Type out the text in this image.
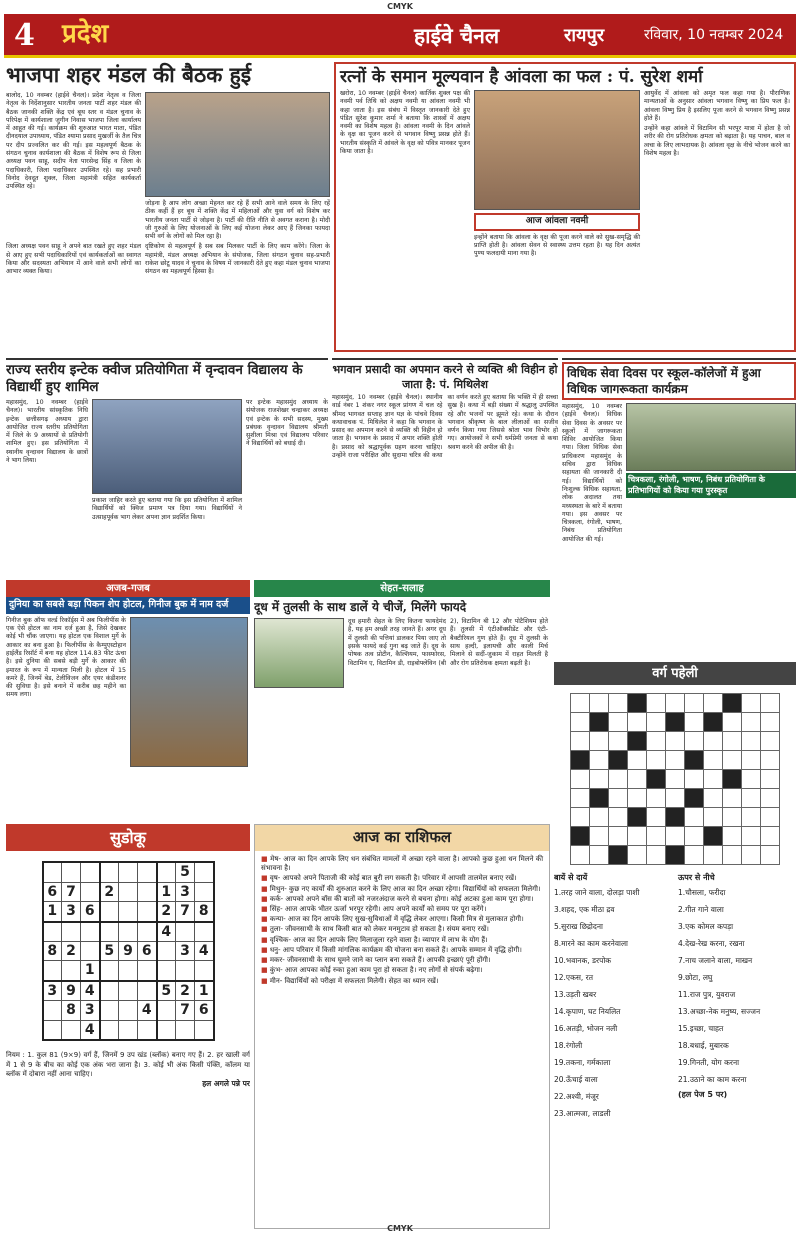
CMYK
4 प्रदेश	हाईवे चैनल	रायपुर	रविवार, 10 नवम्बर 2024
भाजपा शहर मंडल की बैठक हुई

बालोद, 10 नवम्बर (हाईवे चैनल)। प्रदेश नेतृत्व व जिला नेतृत्व के निर्देशानुसार भारतीय जनता पार्टी शहर मंडल की बैठक जानकी शक्ति केंद्र एवं बूथ स्तर व मंडल चुनाव के परिपेक्ष में कार्यशाला जुगीन निवास भाजपा जिला कार्यालय में आहूत की गई। कार्यक्रम की शुरुआत भारत माता, पंडित दीनदयाल उपाध्याय, पंडित श्यामा प्रसाद मुखर्जी के तैल चित्र पर दीप प्रज्वलित कर की गई। इस महत्वपूर्ण बैठक के संगठन चुनाव कार्यशाला की बैठक में विशेष रूप से जिला अध्यक्ष पवन साहू, सदीप नेता पारसेन्द्र सिंह व जिला के पदाधिकारी, जिला पदाधिकार उपस्थित रहे। सह प्रभारी विनोद देवदूत शुक्ल, जिला महामंत्री सहित कार्यकर्ता उपस्थित रहे।

जोड़ना है आप लोग अच्छा मेहनत कर रहे हैं सभी आने वाले समय के लिए रहें ठीक कहीं हैं हर बूथ में शक्ति केंद्र में महिलाओं और युवा वर्ग को विशेष कर भारतीय जनता पार्टी से जोड़ना है। पार्टी की रीति नीति से अवगत कराना है। मोदी जी गुरुओं के लिए योजनाओं के लिए कई योजना लेकर आए हैं जिनका फायदा सभी वर्ग के लोगों को मिल रहा है।

जिला अध्यक्ष पवन साहू ने अपने बात रखते हुए शहर मंडल से आए हुए सभी पदाधिकारियों एवं कार्यकर्ताओं का स्वागत किया और सदस्यता अभियान में आने वाले सभी लोगों का आभार व्यक्त किया।

दृष्टिकोण से महत्वपूर्ण है सब सब मिलकर पार्टी के लिए काम करेंगे। जिला के महामंत्री, मंडल अध्यक्ष अभियान के संयोजक, जिला संगठन चुनाव सह-प्रभारी राकेश छोटू यादव ने चुनाव के विषय में जानकारी देते हुए कहा मंडल चुनाव भाजपा संगठन का महत्वपूर्ण हिस्सा है।

रत्नों के समान मूल्यवान है आंवला का फल : पं. सुरेश शर्मा

खरोरा, 10 नवम्बर (हाईवे चैनल) कार्तिक शुक्ल पक्ष की नवमी पर्व तिथि को अक्षय नवमी या आंवला नवमी भी कहा जाता है। इस संबंध में विस्तृत जानकारी देते हुए पंडित सुरेश कुमार शर्मा ने बताया कि शास्त्रों में अक्षय नवमी का विशेष महत्व है। आंवला नवमी के दिन आंवले के वृक्ष का पूजन करने से भगवान विष्णु प्रसन्न होते हैं। भारतीय संस्कृति में आंवले के वृक्ष को पवित्र मानकर पूजन किया जाता है।

आज आंवला नवमी

इन्होंने बताया कि आंवला के वृक्ष की पूजा करने वाले को सुख-समृद्धि की प्राप्ति होती है। आंवला सेवन से स्वास्थ्य उत्तम रहता है। यह दिन अत्यंत पुण्य फलदायी माना गया है।

आयुर्वेद में आंवला को अमृत फल कहा गया है। पौराणिक मान्यताओं के अनुसार आंवला भगवान विष्णु का प्रिय फल है। आंवला विष्णु प्रिय है इसलिए पूजा करने से भगवान विष्णु प्रसन्न होते हैं।

उन्होंने कहा आंवले में विटामिन सी भरपूर मात्रा में होता है जो शरीर की रोग प्रतिरोधक क्षमता को बढ़ाता है। यह पाचन, बाल व त्वचा के लिए लाभदायक है। आंवला वृक्ष के नीचे भोजन करने का विशेष महत्व है।

राज्य स्तरीय इन्टेक क्वीज प्रतियोगिता में वृन्दावन विद्यालय के विद्यार्थी हुए शामिल

महासमुंद, 10 नवम्बर (हाईवे चैनल)। भारतीय सांस्कृतिक निधि इन्टेक छत्तीसगढ़ अध्याय द्वारा आयोजित राज्य स्तरीय प्रतियोगिता में जिले के 9 अध्यायों से प्रतियोगी शामिल हुए। इस प्रतियोगिता में स्थानीय वृन्दावन विद्यालय के छात्रों ने भाग लिया।

प्रकाश जाहिर करते हुए बताया गया कि इस प्रतियोगिता में शामिल विद्यार्थियों को क्विज प्रमाण पत्र दिया गया। विद्यार्थियों ने उत्साहपूर्वक भाग लेकर अपना ज्ञान प्रदर्शित किया।

पर इन्टेक महासमुंद अध्याय के संयोजक राजशेखर चन्द्राकर अध्यक्ष एवं इन्टेक के सभी सदस्य, मुख्य प्रबंधक वृन्दावन विद्यालय श्रीमती सुशीला मिश्रा एवं विद्यालय परिवार ने विद्यार्थियों को बधाई दी।

भगवान प्रसादी का अपमान करने से व्यक्ति श्री विहीन हो जाता है: पं. मिथिलेश

महासमुंद, 10 नवम्बर (हाईवे चैनल)। स्थानीय वार्ड नंबर 1 शंकर नगर स्कूल प्रांगण में चल रहे श्रीमद भागवत सप्ताह ज्ञान यज्ञ के पांचवे दिवस कथावाचक पं. मिथिलेश ने कहा कि भगवान के प्रसाद का अपमान करने से व्यक्ति श्री विहीन हो जाता है। भगवान के प्रसाद में अपार शक्ति होती है। प्रसाद को श्रद्धापूर्वक ग्रहण करना चाहिए। उन्होंने राजा परीक्षित और सुदामा चरित्र की कथा का वर्णन करते हुए बताया कि भक्ति में ही सच्चा सुख है। कथा में बड़ी संख्या में श्रद्धालु उपस्थित रहे और भजनों पर झूमते रहे। कथा के दौरान भगवान श्रीकृष्ण के बाल लीलाओं का सजीव वर्णन किया गया जिससे श्रोता भाव विभोर हो गए। आयोजकों ने सभी धर्मप्रेमी जनता से कथा श्रवण करने की अपील की है।

विधिक सेवा दिवस पर स्कूल-कॉलेजों में हुआ विधिक जागरूकता कार्यक्रम

महासमुंद, 10 नवम्बर (हाईवे चैनल)। विधिक सेवा दिवस के अवसर पर स्कूलों में जागरूकता शिविर आयोजित किया गया। जिला विधिक सेवा प्राधिकरण महासमुंद के सचिव द्वारा विधिक सहायता की जानकारी दी गई। विद्यार्थियों को निःशुल्क विधिक सहायता, लोक अदालत तथा मध्यस्थता के बारे में बताया गया। इस अवसर पर चित्रकला, रंगोली, भाषण, निबंध प्रतियोगिता आयोजित की गई।

चित्रकला, रंगोली, भाषण, निबंध प्रतियोगिता के प्रतिभागियों को किया गया पुरस्कृत
अजब-गजब
दुनिया का सबसे बड़ा पिकन शेप होटल, गिनीज बुक में नाम दर्ज

गिनीज बुक ऑफ वर्ल्ड रिकॉर्ड्स में अब फिलीपींस के एक ऐसे होटल का नाम दर्ज हुआ है, जिसे देखकर कोई भी चौंक जाएगा। यह होटल एक विशाल मुर्गे के आकार का बना हुआ है। फिलीपींस के कैम्पुएस्टोहान हाईलैंड रिसॉर्ट में बना यह होटल 114.83 फीट ऊंचा है। इसे दुनिया की सबसे बड़ी मुर्गे के आकार की इमारत के रूप में मान्यता मिली है। होटल में 15 कमरे हैं, जिनमें बेड, टेलीविजन और एयर कंडीशनर की सुविधा है। इसे बनाने में करीब छह महीने का समय लगा।

सेहत-सलाह
दूध में तुलसी के साथ डालें ये चीजें, मिलेंगे फायदे

दूध हमारी सेहत के लिए कितना फायदेमंद है, यह हम अच्छी तरह जानते हैं। अगर दूध में तुलसी की पत्तियां डालकर पिया जाए तो इसके फायदे कई गुना बढ़ जाते हैं। दूध के पोषक तत्व प्रोटीन, कैल्शियम, फास्फोरस, विटामिन ए, विटामिन डी, राइबोफ्लेविन (बी 2), विटामिन बी 12 और पोटैशियम होते हैं। तुलसी में एंटीऑक्सीडेंट और एंटी-बैक्टीरियल गुण होते हैं। दूध में तुलसी के साथ हल्दी, इलायची और काली मिर्च मिलाने से सर्दी-जुकाम में राहत मिलती है और रोग प्रतिरोधक क्षमता बढ़ती है।

सुडोकू
							5	
6	7		2			1	3	
1	3	6				2	7	8
						4		
8	2		5	9	6		3	4
		1						
3	9	4				5	2	1
	8	3			4		7	6
		4						
नियम : 1. कुल 81 (9×9) वर्ग हैं, जिनमें 9 उप खंड (ब्लॉक) बनाए गए हैं। 2. हर खाली वर्ग में 1 से 9 के बीच का कोई एक अंक भरा जाना है। 3. कोई भी अंक किसी पंक्ति, कॉलम या ब्लॉक में दोबारा नहीं आना चाहिए।
हल अगले पन्ने पर
आज का राशिफल
■ मेष- आज का दिन आपके लिए धन संबंधित मामलों में अच्छा रहने वाला है। आपको कुछ हुआ धन मिलने की संभावना है।
■ वृष- आपको अपने पिताजी की कोई बात बुरी लग सकती है। परिवार में आपसी तालमेल बनाए रखें।
■ मिथुन- कुछ नए कार्यों की शुरुआत करने के लिए आज का दिन अच्छा रहेगा। विद्यार्थियों को सफलता मिलेगी।
■ कर्क- आपको अपने बॉस की बातों को नजरअंदाज करने से बचना होगा। कोई अटका हुआ काम पूरा होगा।
■ सिंह- आज आपके भीतर ऊर्जा भरपूर रहेगी। आप अपने कार्यों को समय पर पूरा करेंगे।
■ कन्या- आज का दिन आपके लिए सुख-सुविधाओं में वृद्धि लेकर आएगा। किसी मित्र से मुलाकात होगी।
■ तुला- जीवनसाथी के साथ किसी बात को लेकर मनमुटाव हो सकता है। संयम बनाए रखें।
■ वृश्चिक- आज का दिन आपके लिए मिलाजुला रहने वाला है। व्यापार में लाभ के योग हैं।
■ धनु- आप परिवार में किसी मांगलिक कार्यक्रम की योजना बना सकते हैं। आपके सम्मान में वृद्धि होगी।
■ मकर- जीवनसाथी के साथ घूमने जाने का प्लान बना सकते हैं। आपकी इच्छाएं पूरी होंगी।
■ कुंभ- आज आपका कोई रुका हुआ काम पूरा हो सकता है। नए लोगों से संपर्क बढ़ेगा।
■ मीन- विद्यार्थियों को परीक्षा में सफलता मिलेगी। सेहत का ध्यान रखें।
वर्ग पहेली

बायें से दायें
1.तरह जाने वाला, दोलड़ा पाशी
3.शहद, एक मीठा द्रव
5.सुराख छिद्रोदना
8.मारने का काम करनेवाला
10.भवानक, डरपोक
12.एकस, रत
13.उड़ती खबर
14.कृपाण, घट नियलित
16.अतड़ी, भोजन नली
18.रंगोली
19.तकना, गर्मकाला
20.ऊँचाई वाला
22.अश्वी, मंजूर
23.आत्मजा, लाडली
ऊपर से नीचे
1.चौसला, फरीदा
2.गीत गाने वाला
3.एक कोमल कपड़ा
4.देख-रेख करना, रखना
7.नाच जलाने वाला, माखन
9.छोटा, लघु
11.राज पुत्र, युवराज
13.अच्छा-नेक मनुष्य, सज्जन
15.इच्छा, चाहत
18.बधाई, मुबारक
19.गिनती, योग करना
21.उठाने का काम करना
(हल पेज 5 पर)
CMYK
